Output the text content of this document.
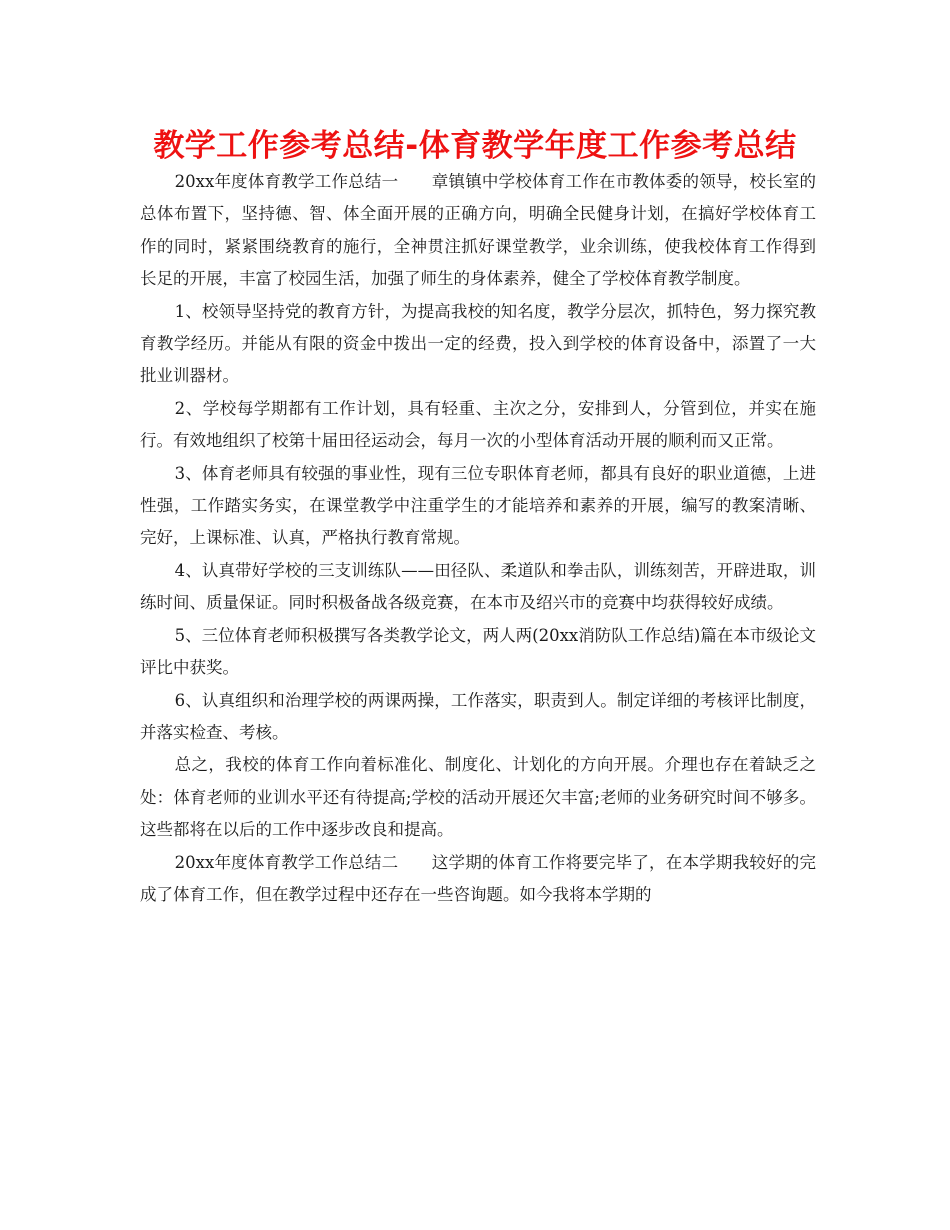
教学工作参考总结-体育教学年度工作参考总结

20xx年度体育教学工作总结一　　章镇镇中学校体育工作在市教体委的领导，校长室的总体布置下，坚持德、智、体全面开展的正确方向，明确全民健身计划，在搞好学校体育工作的同时，紧紧围绕教育的施行，全神贯注抓好课堂教学，业余训练，使我校体育工作得到长足的开展，丰富了校园生活，加强了师生的身体素养，健全了学校体育教学制度。

1、校领导坚持党的教育方针，为提高我校的知名度，教学分层次，抓特色，努力探究教育教学经历。并能从有限的资金中拨出一定的经费，投入到学校的体育设备中，添置了一大批业训器材。

2、学校每学期都有工作计划，具有轻重、主次之分，安排到人，分管到位，并实在施行。有效地组织了校第十届田径运动会，每月一次的小型体育活动开展的顺利而又正常。

3、体育老师具有较强的事业性，现有三位专职体育老师，都具有良好的职业道德，上进性强，工作踏实务实，在课堂教学中注重学生的才能培养和素养的开展，编写的教案清晰、完好，上课标准、认真，严格执行教育常规。

4、认真带好学校的三支训练队——田径队、柔道队和拳击队，训练刻苦，开辟进取，训练时间、质量保证。同时积极备战各级竞赛，在本市及绍兴市的竞赛中均获得较好成绩。

5、三位体育老师积极撰写各类教学论文，两人两(20xx消防队工作总结)篇在本市级论文评比中获奖。

6、认真组织和治理学校的两课两操，工作落实，职责到人。制定详细的考核评比制度，并落实检查、考核。

总之，我校的体育工作向着标准化、制度化、计划化的方向开展。介理也存在着缺乏之处：体育老师的业训水平还有待提高;学校的活动开展还欠丰富;老师的业务研究时间不够多。这些都将在以后的工作中逐步改良和提高。

20xx年度体育教学工作总结二　　这学期的体育工作将要完毕了，在本学期我较好的完成了体育工作，但在教学过程中还存在一些咨询题。如今我将本学期的
